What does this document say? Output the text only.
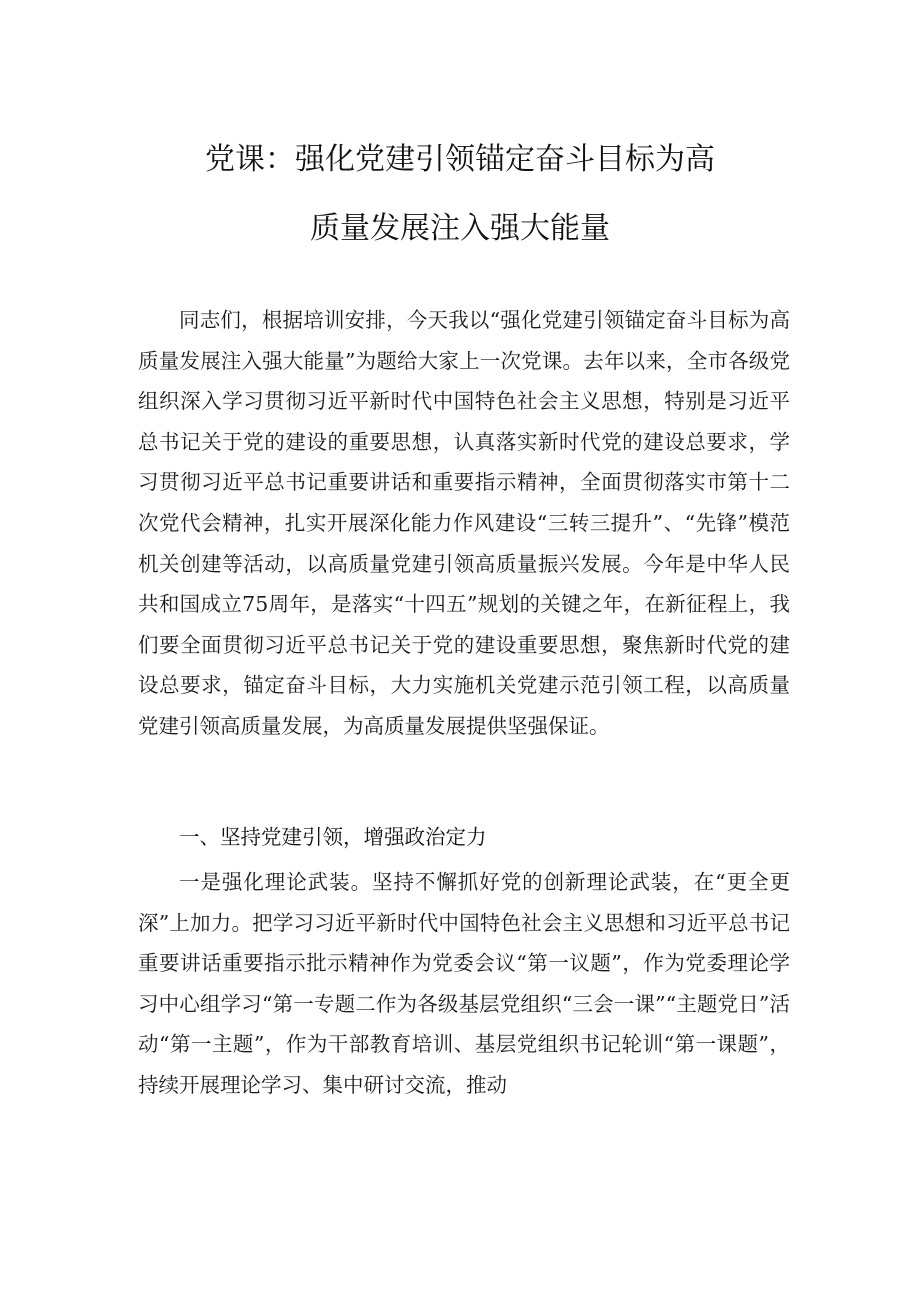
党课：强化党建引领锚定奋斗目标为高
质量发展注入强大能量

同志们，根据培训安排，今天我以“强化党建引领锚定奋斗目标为高质量发展注入强大能量”为题给大家上一次党课。去年以来，全市各级党组织深入学习贯彻习近平新时代中国特色社会主义思想，特别是习近平总书记关于党的建设的重要思想，认真落实新时代党的建设总要求，学习贯彻习近平总书记重要讲话和重要指示精神，全面贯彻落实市第十二次党代会精神，扎实开展深化能力作风建设“三转三提升”、“先锋”模范机关创建等活动，以高质量党建引领高质量振兴发展。今年是中华人民共和国成立75周年，是落实“十四五”规划的关键之年，在新征程上，我们要全面贯彻习近平总书记关于党的建设重要思想，聚焦新时代党的建设总要求，锚定奋斗目标，大力实施机关党建示范引领工程，以高质量党建引领高质量发展，为高质量发展提供坚强保证。

一、坚持党建引领，增强政治定力

一是强化理论武装。坚持不懈抓好党的创新理论武装，在“更全更深”上加力。把学习习近平新时代中国特色社会主义思想和习近平总书记重要讲话重要指示批示精神作为党委会议“第一议题”，作为党委理论学习中心组学习“第一专题二作为各级基层党组织“三会一课”“主题党日”活动“第一主题”，作为干部教育培训、基层党组织书记轮训“第一课题”，持续开展理论学习、集中研讨交流，推动
